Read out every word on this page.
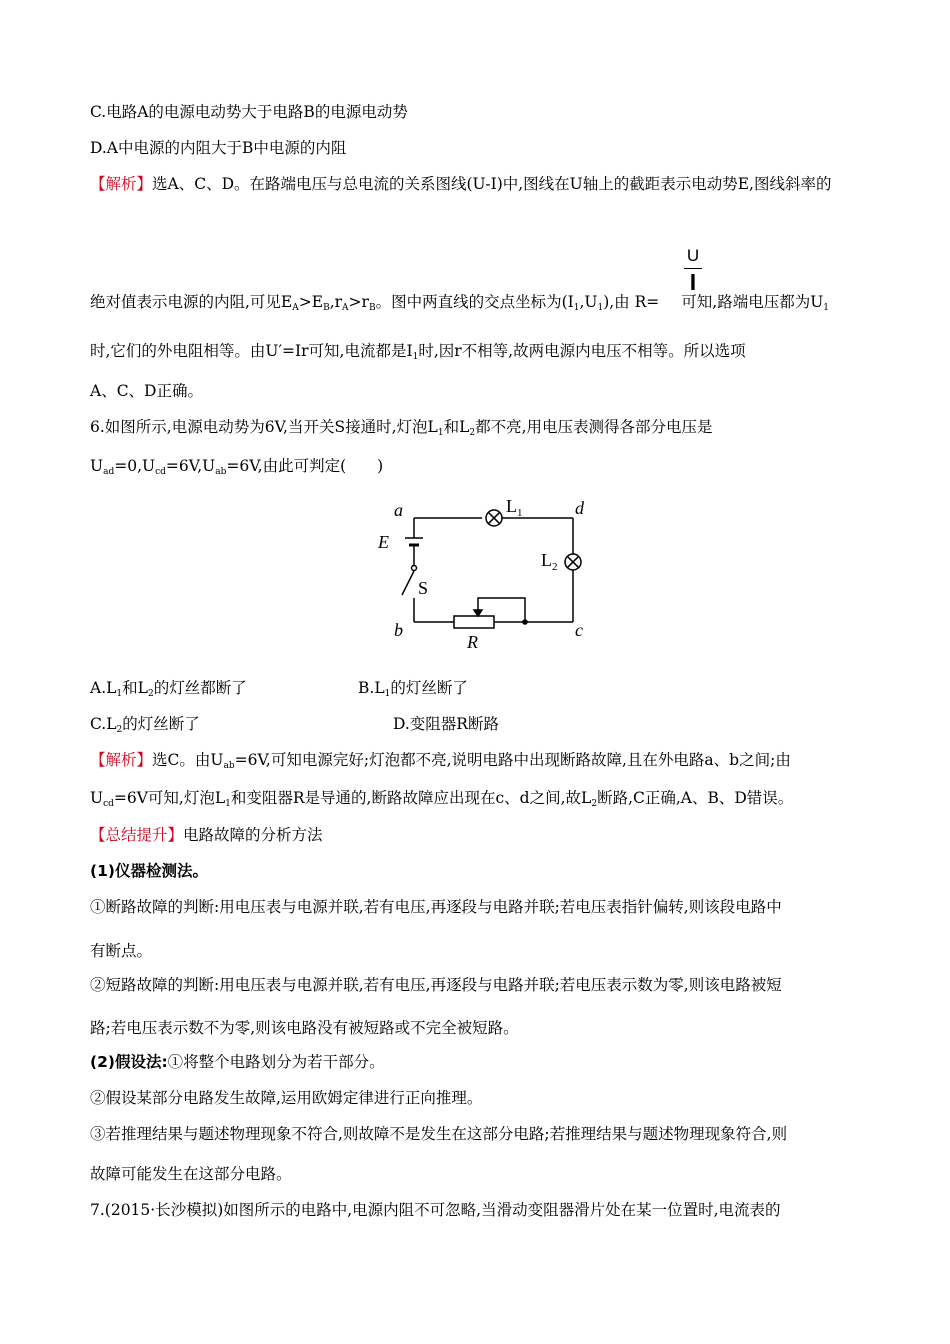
C.电路A的电源电动势大于电路B的电源电动势
D.A中电源的内阻大于B中电源的内阻
【解析】选A、C、D。在路端电压与总电流的关系图线(U-I)中,图线在U轴上的截距表示电动势E,图线斜率的
U
I
绝对值表示电源的内阻,可见$E_A>E_B,r_A>r_B$。图中两直线的交点坐标为$(I_1,U_1)$,由 R= 可知,路端电压都为$U_1$
时,它们的外电阻相等。由U′=Ir可知,电流都是$I_1$时,因r不相等,故两电源内电压不相等。所以选项
A、C、D正确。
6.如图所示,电源电动势为6V,当开关S接通时,灯泡$L_1$和$L_2$都不亮,用电压表测得各部分电压是
$U_{ad}=0,U_{cd}=6V,U_{ab}=6V$,由此可判定(　　)
a	d
b	c
E
S
R
$L_1$
$L_2$
$A.L_1$和$L_2$的灯丝都断了	$B.L_1$的灯丝断了
$C.L_2$的灯丝断了	D.变阻器R断路
【解析】选C。由$U_{ab}=6V$,可知电源完好;灯泡都不亮,说明电路中出现断路故障,且在外电路a、b之间;由
$U_{cd}=6V$可知,灯泡$L_1$和变阻器R是导通的,断路故障应出现在c、d之间,故$L_2$断路,C正确,A、B、D错误。
【总结提升】电路故障的分析方法
(1)仪器检测法。
①断路故障的判断:用电压表与电源并联,若有电压,再逐段与电路并联;若电压表指针偏转,则该段电路中
有断点。
②短路故障的判断:用电压表与电源并联,若有电压,再逐段与电路并联;若电压表示数为零,则该电路被短
路;若电压表示数不为零,则该电路没有被短路或不完全被短路。
(2)假设法:①将整个电路划分为若干部分。
②假设某部分电路发生故障,运用欧姆定律进行正向推理。
③若推理结果与题述物理现象不符合,则故障不是发生在这部分电路;若推理结果与题述物理现象符合,则
故障可能发生在这部分电路。
7.(2015·长沙模拟)如图所示的电路中,电源内阻不可忽略,当滑动变阻器滑片处在某一位置时,电流表的
